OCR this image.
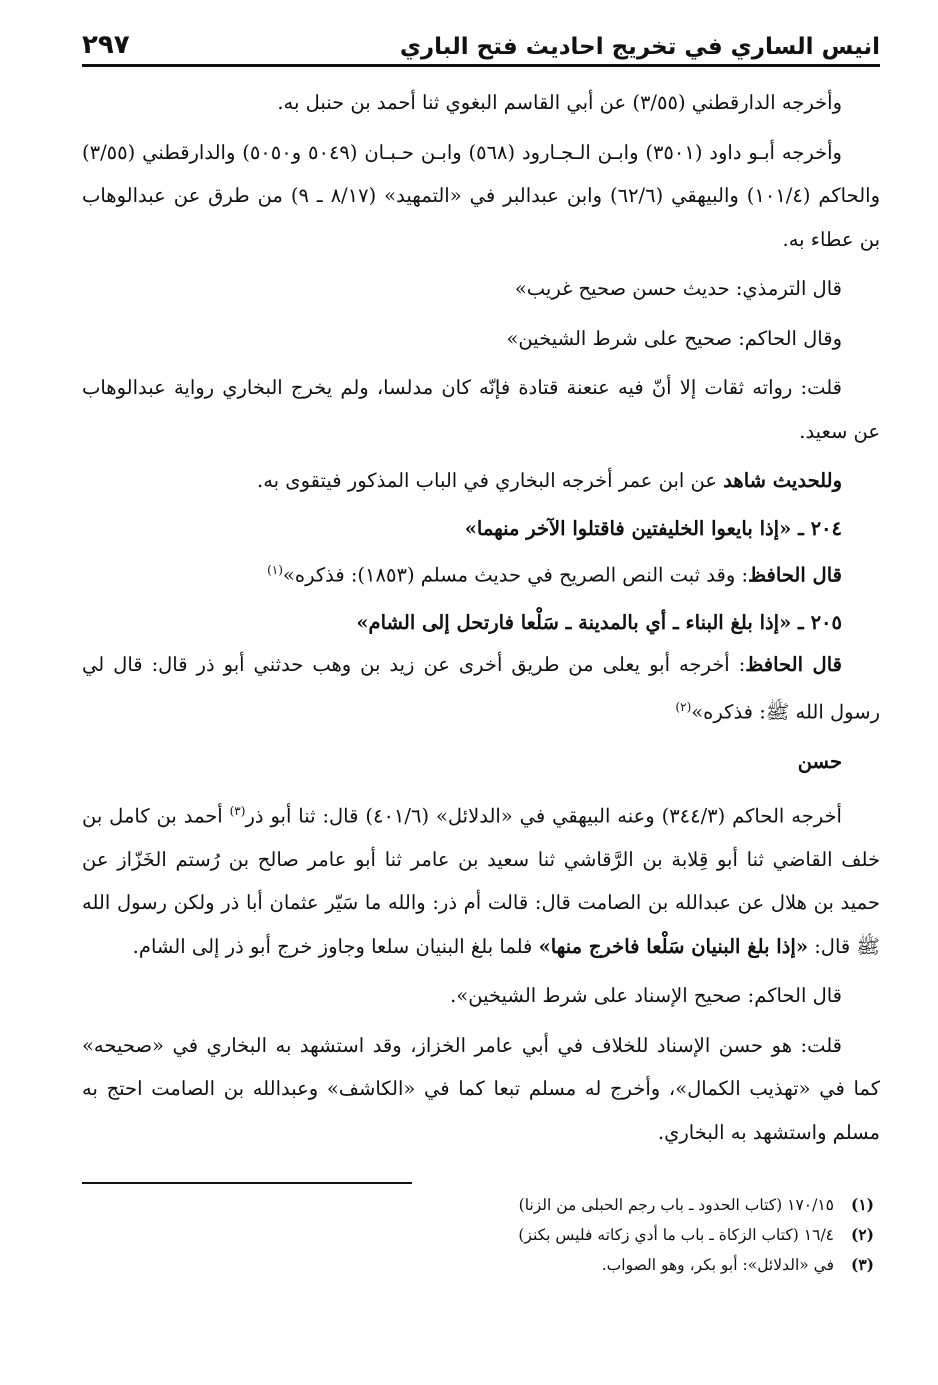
انيس الساري في تخريج احاديث فتح الباري
٢٩٧

وأخرجه الدارقطني (٣/٥٥) عن أبي القاسم البغوي ثنا أحمد بن حنبل به.

وأخرجه أبـو داود (٣٥٠١) وابـن الـجـارود (٥٦٨) وابـن حـبـان (٥٠٤٩ و٥٠٥٠) والدارقطني (٣/٥٥) والحاكم (١٠١/٤) والبيهقي (٦٢/٦) وابن عبدالبر في «التمهيد» (٨/١٧ ـ ٩) من طرق عن عبدالوهاب بن عطاء به.

قال الترمذي: حديث حسن صحيح غريب»

وقال الحاكم: صحيح على شرط الشيخين»

قلت: رواته ثقات إلا أنّ فيه عنعنة قتادة فإنّه كان مدلسا، ولم يخرج البخاري رواية عبدالوهاب عن سعيد.

وللحديث شاهد عن ابن عمر أخرجه البخاري في الباب المذكور فيتقوى به.

٢٠٤ ـ «إذا بايعوا الخليفتين فاقتلوا الآخر منهما»

قال الحافظ: وقد ثبت النص الصريح في حديث مسلم (١٨٥٣): فذكره»$^{(١)}$

٢٠٥ ـ «إذا بلغ البناء ـ أي بالمدينة ـ سَلْعا فارتحل إلى الشام»

قال الحافظ: أخرجه أبو يعلى من طريق أخرى عن زيد بن وهب حدثني أبو ذر قال: قال لي رسول الله ﷺ: فذكره»$^{(٢)}$

حسن

أخرجه الحاكم (٣٤٤/٣) وعنه البيهقي في «الدلائل» (٤٠١/٦) قال: ثنا أبو ذر$^{(٣)}$ أحمد بن كامل بن خلف القاضي ثنا أبو قِلابة بن الرَّقاشي ثنا سعيد بن عامر ثنا أبو عامر صالح بن رُستم الخَزّاز عن حميد بن هلال عن عبدالله بن الصامت قال: قالت أم ذر: والله ما سَيّر عثمان أبا ذر ولكن رسول الله ﷺ قال: «إذا بلغ البنيان سَلْعا فاخرج منها» فلما بلغ البنيان سلعا وجاوز خرج أبو ذر إلى الشام.

قال الحاكم: صحيح الإسناد على شرط الشيخين».

قلت: هو حسن الإسناد للخلاف في أبي عامر الخزاز، وقد استشهد به البخاري في «صحيحه» كما في «تهذيب الكمال»، وأخرج له مسلم تبعا كما في «الكاشف» وعبدالله بن الصامت احتج به مسلم واستشهد به البخاري.

(١)
١٧٠/١٥ (كتاب الحدود ـ باب رجم الحبلى من الزنا)
(٢)
١٦/٤ (كتاب الزكاة ـ باب ما أدي زكاته فليس بكنز)
(٣)
في «الدلائل»: أبو بكر، وهو الصواب.
